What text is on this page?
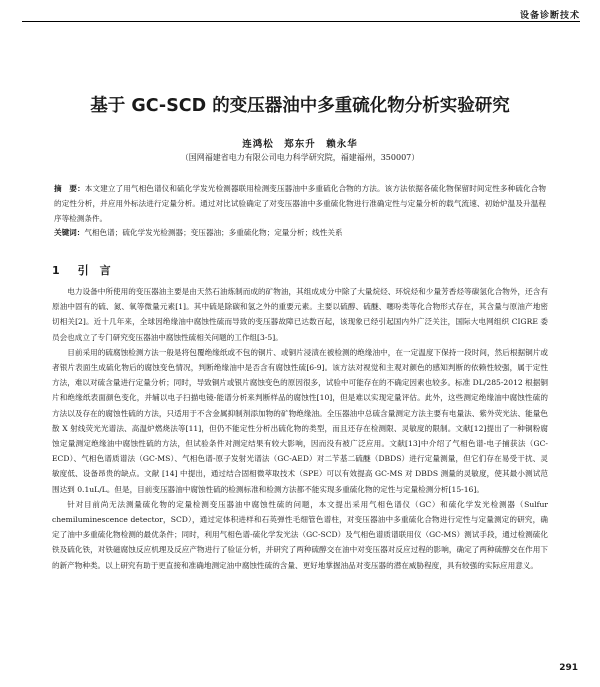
设备诊断技术
基于 GC-SCD 的变压器油中多重硫化物分析实验研究
连鸿松　郑东升　赖永华
（国网福建省电力有限公司电力科学研究院，福建福州，350007）
摘　要：本文建立了用气相色谱仪和硫化学发光检测器联用检测变压器油中多重硫化合物的方法。该方法依据各硫化物保留时间定性多种硫化合物的定性分析，并应用外标法进行定量分析。通过对比试验确定了对变压器油中多重硫化物进行准确定性与定量分析的载气流速、初始炉温及升温程序等检测条件。
关键词：气相色谱；硫化学发光检测器；变压器油；多重硫化物；定量分析；线性关系
1 引　言

电力设备中所使用的变压器油主要是由天然石油炼制而成的矿物油，其组成成分中除了大量烷烃、环烷烃和少量芳香烃等碳氢化合物外，还含有原油中固有的硫、氮、氧等微量元素[1]。其中硫是除碳和氢之外的重要元素。主要以硫醇、硫醚、噻吩类等化合物形式存在，其含量与原油产地密切相关[2]。近十几年来，全球因绝缘油中腐蚀性硫而导致的变压器故障已达数百起，该现象已经引起国内外广泛关注，国际大电网组织 CIGRE 委员会也成立了专门研究变压器油中腐蚀性硫相关问题的工作组[3-5]。

目前采用的硫腐蚀检测方法一般是将包覆绝缘纸或不包的铜片、或铜片浸渍在被检测的绝缘油中，在一定温度下保持一段时间，然后根据铜片或者银片表面生成硫化物后的腐蚀变色情况，判断绝缘油中是否含有腐蚀性硫[6-9]。该方法对视觉和主观对颜色的感知判断的依赖性较强，属于定性方法，难以对硫含量进行定量分析；同时，导致铜片或银片腐蚀变色的原因很多，试验中可能存在的不确定因素也较多。标准 DL/285-2012 根据铜片和绝缘纸表面颜色变化，并辅以电子扫描电镜-能谱分析来判断样品的腐蚀性[10]，但是难以实现定量评估。此外，这些测定绝缘油中腐蚀性硫的方法以及存在的腐蚀性硫的方法，只适用于不含金属抑制剂添加物的矿物绝缘油。全压器油中总硫含量测定方法主要有电量法、紫外荧光法、能量色散 X 射线荧光光谱法、高温炉燃烧法等[11]，但仍不能定性分析出硫化物的类型，而且还存在检测限、灵敏度的限制。文献[12]提出了一种铜粉腐蚀定量测定绝缘油中腐蚀性硫的方法，但试验条件对测定结果有较大影响，因而没有被广泛应用。文献[13]中介绍了气相色谱-电子捕获法（GC-ECD）、气相色谱质谱法（GC-MS）、气相色谱-原子发射光谱法（GC-AED）对二苄基二硫醚（DBDS）进行定量测量，但它们存在易受干扰、灵敏度低、设备昂贵的缺点。文献 [14] 中提出，通过结合固相微萃取技术（SPE）可以有效提高 GC-MS 对 DBDS 测量的灵敏度，使其最小测试范围达到 0.1uL/L。但是，目前变压器油中腐蚀性硫的检测标准和检测方法都不能实现多重硫化物的定性与定量检测分析[15-16]。

针对目前尚无法测量硫化物的定量检测变压器油中腐蚀性硫的问题，本文提出采用气相色谱仪（GC）和硫化学发光检测器（Sulfur chemiluminescence detector，SCD），通过定体积进样和石英弹性毛细管色谱柱，对变压器油中多重硫化合物进行定性与定量测定的研究，确定了油中多重硫化物检测的最优条件；同时，利用气相色谱-硫化学发光法（GC-SCD）及气相色谱质谱联用仪（GC-MS）测试手段，通过检测硫化铁及硫化铁，对铁磁腐蚀反应机理及反应产物进行了验证分析，并研究了两种硫醇交在油中对变压器对反应过程的影响，确定了两种硫醇交在作用下的新产物种类。以上研究有助于更直接和准确地测定油中腐蚀性硫的含量、更好地掌握油品对变压器的潜在威胁程度，具有较强的实际应用意义。

291
